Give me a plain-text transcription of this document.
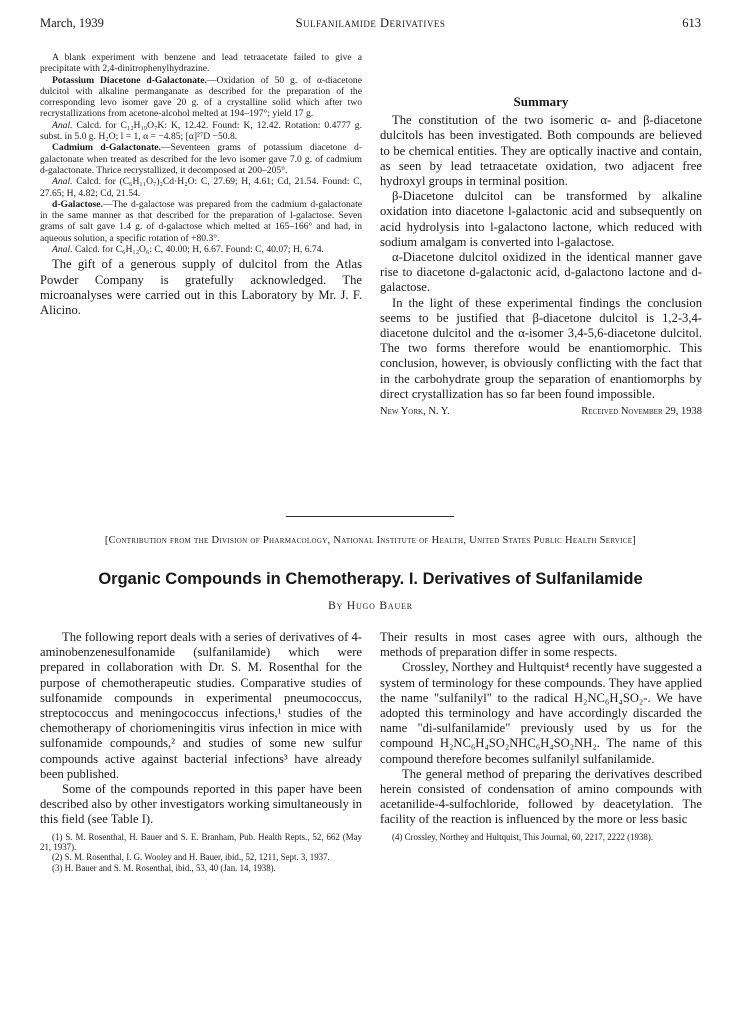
March, 1939	Sulfanilamide Derivatives	613

A blank experiment with benzene and lead tetraacetate failed to give a precipitate with 2,4-dinitrophenylhydrazine.

Potassium Diacetone d-Galactonate.—Oxidation of 50 g. of α-diacetone dulcitol with alkaline permanganate as described for the preparation of the corresponding levo isomer gave 20 g. of a crystalline solid which after two recrystallizations from acetone-alcohol melted at 194–197°; yield 17 g.

Anal. Calcd. for C₁₂H₁₉O₇K: K, 12.42. Found: K, 12.42. Rotation: 0.4777 g. subst. in 5.0 g. H₂O; l = 1, α = −4.85; [α]²⁷D −50.8.

Cadmium d-Galactonate.—Seventeen grams of potassium diacetone d-galactonate when treated as described for the levo isomer gave 7.0 g. of cadmium d-galactonate. Thrice recrystallized, it decomposed at 200–205°.

Anal. Calcd. for (C₆H₁₁O₇)₂Cd·H₂O: C, 27.69; H, 4.61; Cd, 21.54. Found: C, 27.65; H, 4.82; Cd, 21.54.

d-Galactose.—The d-galactose was prepared from the cadmium d-galactonate in the same manner as that described for the preparation of l-galactose. Seven grams of salt gave 1.4 g. of d-galactose which melted at 165–166° and had, in aqueous solution, a specific rotation of +80.3°.

Anal. Calcd. for C₆H₁₂O₆: C, 40.00; H, 6.67. Found: C, 40.07; H, 6.74.

The gift of a generous supply of dulcitol from the Atlas Powder Company is gratefully acknowledged. The microanalyses were carried out in this Laboratory by Mr. J. F. Alicino.

Summary

The constitution of the two isomeric α- and β-diacetone dulcitols has been investigated. Both compounds are believed to be chemical entities. They are optically inactive and contain, as seen by lead tetraacetate oxidation, two adjacent free hydroxyl groups in terminal position.

β-Diacetone dulcitol can be transformed by alkaline oxidation into diacetone l-galactonic acid and subsequently on acid hydrolysis into l-galactono lactone, which reduced with sodium amalgam is converted into l-galactose.

α-Diacetone dulcitol oxidized in the identical manner gave rise to diacetone d-galactonic acid, d-galactono lactone and d-galactose.

In the light of these experimental findings the conclusion seems to be justified that β-diacetone dulcitol is 1,2-3,4-diacetone dulcitol and the α-isomer 3,4-5,6-diacetone dulcitol. The two forms therefore would be enantiomorphic. This conclusion, however, is obviously conflicting with the fact that in the carbohydrate group the separation of enantiomorphs by direct crystallization has so far been found impossible.

New York, N. Y.	Received November 29, 1938
[Contribution from the Division of Pharmacology, National Institute of Health, United States Public Health Service]
Organic Compounds in Chemotherapy. I. Derivatives of Sulfanilamide
By Hugo Bauer

The following report deals with a series of derivatives of 4-aminobenzenesulfonamide (sulfanilamide) which were prepared in collaboration with Dr. S. M. Rosenthal for the purpose of chemotherapeutic studies. Comparative studies of sulfonamide compounds in experimental pneumococcus, streptococcus and meningococcus infections,¹ studies of the chemotherapy of choriomeningitis virus infection in mice with sulfonamide compounds,² and studies of some new sulfur compounds active against bacterial infections³ have already been published.

Some of the compounds reported in this paper have been described also by other investigators working simultaneously in this field (see Table I).

(1) S. M. Rosenthal, H. Bauer and S. E. Branham, Pub. Health Repts., 52, 662 (May 21, 1937).

(2) S. M. Rosenthal, I. G. Wooley and H. Bauer, ibid., 52, 1211, Sept. 3, 1937.

(3) H. Bauer and S. M. Rosenthal, ibid., 53, 40 (Jan. 14, 1938).

Their results in most cases agree with ours, although the methods of preparation differ in some respects.

Crossley, Northey and Hultquist⁴ recently have suggested a system of terminology for these compounds. They have applied the name "sulfanilyl" to the radical H₂NC₆H₄SO₂-. We have adopted this terminology and have accordingly discarded the name "di-sulfanilamide" previously used by us for the compound H₂NC₆H₄SO₂NHC₆H₄SO₂NH₂. The name of this compound therefore becomes sulfanilyl sulfanilamide.

The general method of preparing the derivatives described herein consisted of condensation of amino compounds with acetanilide-4-sulfochloride, followed by deacetylation. The facility of the reaction is influenced by the more or less basic

(4) Crossley, Northey and Hultquist, This Journal, 60, 2217, 2222 (1938).
